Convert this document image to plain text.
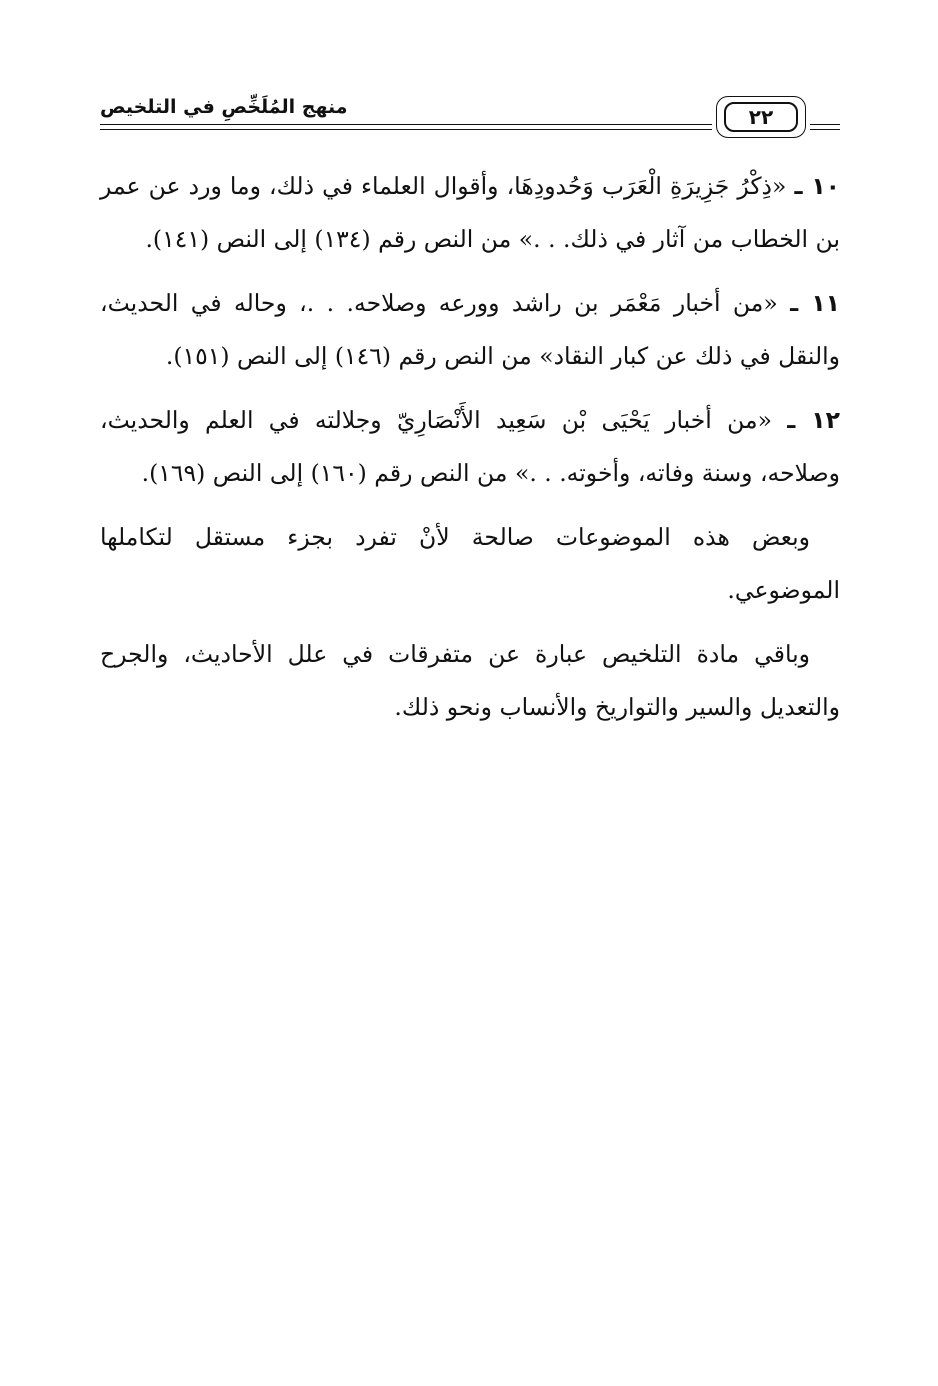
منهج المُلَخِّصِ في التلخيص	٢٢

١٠ ـ «ذِكْرُ جَزِيرَةِ الْعَرَب وَحُدودِهَا، وأقوال العلماء في ذلك، وما ورد عن عمر بن الخطاب من آثار في ذلك. . .» من النص رقم (١٣٤) إلى النص (١٤١).

١١ ـ «من أخبار مَعْمَر بن راشد وورعه وصلاحه. . .، وحاله في الحديث، والنقل في ذلك عن كبار النقاد» من النص رقم (١٤٦) إلى النص (١٥١).

١٢ ـ «من أخبار يَحْيَى بْن سَعِيد الأَنْصَارِيّ وجلالته في العلم والحديث، وصلاحه، وسنة وفاته، وأخوته. . .» من النص رقم (١٦٠) إلى النص (١٦٩).

وبعض هذه الموضوعات صالحة لأنْ تفرد بجزء مستقل لتكاملها الموضوعي.

وباقي مادة التلخيص عبارة عن متفرقات في علل الأحاديث، والجرح والتعديل والسير والتواريخ والأنساب ونحو ذلك.
